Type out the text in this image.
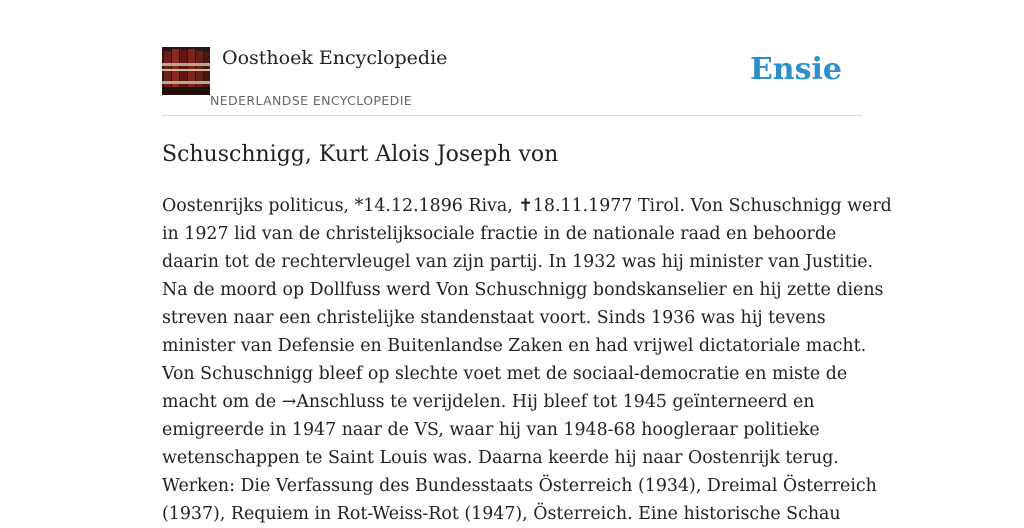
Oosthoek Encyclopedie
NEDERLANDSE ENCYCLOPEDIE
Ensie
Schuschnigg, Kurt Alois Joseph von
Oostenrijks politicus, *14.12.1896 Riva, ✝18.11.1977 Tirol. Von Schuschnigg werd
in 1927 lid van de christelijksociale fractie in de nationale raad en behoorde
daarin tot de rechtervleugel van zijn partij. In 1932 was hij minister van Justitie.
Na de moord op Dollfuss werd Von Schuschnigg bondskanselier en hij zette diens
streven naar een christelijke standenstaat voort. Sinds 1936 was hij tevens
minister van Defensie en Buitenlandse Zaken en had vrijwel dictatoriale macht.
Von Schuschnigg bleef op slechte voet met de sociaal-democratie en miste de
macht om de →Anschluss te verijdelen. Hij bleef tot 1945 geïnterneerd en
emigreerde in 1947 naar de VS, waar hij van 1948-68 hoogleraar politieke
wetenschappen te Saint Louis was. Daarna keerde hij naar Oostenrijk terug.
Werken: Die Verfassung des Bundesstaats Österreich (1934), Dreimal Österreich
(1937), Requiem in Rot-Weiss-Rot (1947), Österreich. Eine historische Schau
